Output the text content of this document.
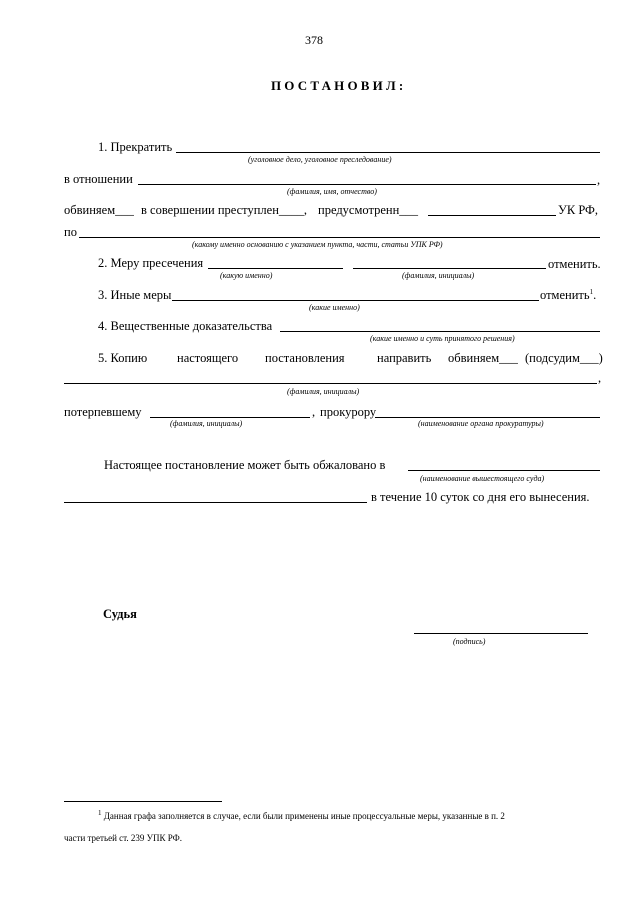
378
ПОСТАНОВИЛ:
1. Прекратить
(уголовное дело, уголовное преследование)
в отношении	,
(фамилия, имя, отчество)
обвиняем___ в совершении преступлен____, предусмотренн___	УК РФ,
по
(какому именно основанию с указанием пункта, части, статьи УПК РФ)
2. Меру пресечения	отменить.
(какую именно)	(фамилия, инициалы)
3. Иные меры	отменить$^1$.
(какие именно)
4. Вещественные доказательства
(какие именно и суть принятого решения)
5. Копию настоящего постановления	направить обвиняем___ (подсудим___)
,
(фамилия, инициалы)
потерпевшему	, прокурору
(фамилия, инициалы)	(наименование органа прокуратуры)
Настоящее постановление может быть обжаловано в
(наименование вышестоящего суда)
в течение 10 суток со дня его вынесения.
Судья
(подпись)
$^1$ Данная графа заполняется в случае, если были применены иные процессуальные меры, указанные в п. 2
части третьей ст. 239 УПК РФ.
